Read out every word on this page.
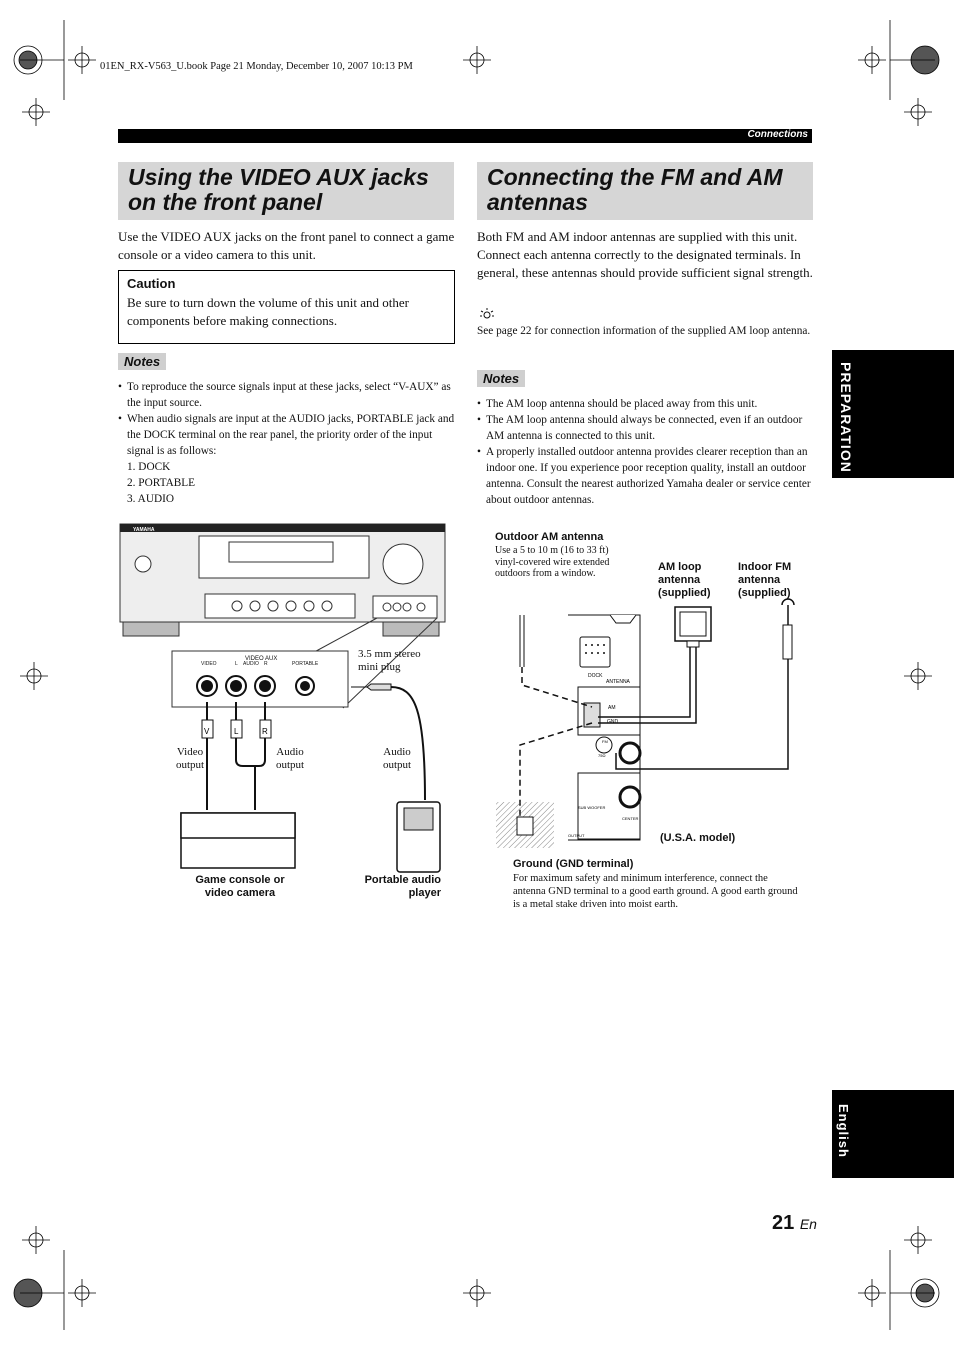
01EN_RX-V563_U.book Page 21 Monday, December 10, 2007 10:13 PM
Connections
Using the VIDEO AUX jacks on the front panel
Use the VIDEO AUX jacks on the front panel to connect a game console or a video camera to this unit.
Caution
Be sure to turn down the volume of this unit and other components before making connections.
Notes
• To reproduce the source signals input at these jacks, select “V-AUX” as the input source.
• When audio signals are input at the AUDIO jacks, PORTABLE jack and the DOCK terminal on the rear panel, the priority order of the input signal is as follows:
1. DOCK
2. PORTABLE
3. AUDIO
YAMAHA
VIDEO AUX
VIDEO	L AUDIO R	PORTABLE
V	L	R
3.5 mm stereo mini plug
Video output
Audio output
Audio output
Game console or video camera
Portable audio player
Connecting the FM and AM antennas
Both FM and AM indoor antennas are supplied with this unit. Connect each antenna correctly to the designated terminals. In general, these antennas should provide sufficient signal strength.
See page 22 for connection information of the supplied AM loop antenna.
Notes
• The AM loop antenna should be placed away from this unit.
• The AM loop antenna should always be connected, even if an outdoor AM antenna is connected to this unit.
• A properly installed outdoor antenna provides clearer reception than an indoor one. If you experience poor reception quality, install an outdoor antenna. Consult the nearest authorized Yamaha dealer or service center about outdoor antennas.
Outdoor AM antenna
Use a 5 to 10 m (16 to 33 ft) vinyl-covered wire extended outdoors from a window.
AM loop antenna (supplied)
Indoor FM antenna (supplied)
DOCK
ANTENNA
AM
GND
FM
75Ω
SUB WOOFER
CENTER
OUTPUT	(U.S.A. model)
Ground (GND terminal)
For maximum safety and minimum interference, connect the antenna GND terminal to a good earth ground. A good earth ground is a metal stake driven into moist earth.
PREPARATION
English
21 En
